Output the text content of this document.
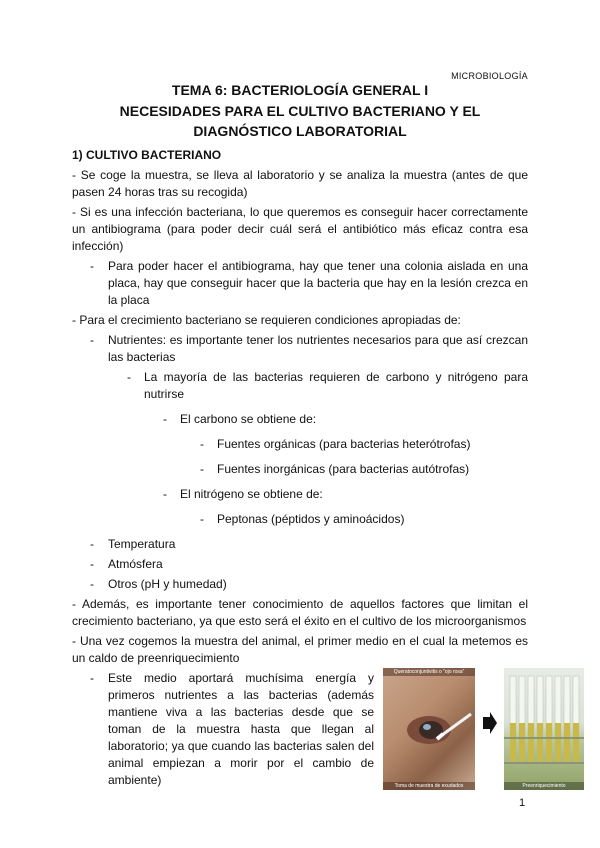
MICROBIOLOGÍA
TEMA 6: BACTERIOLOGÍA GENERAL I
NECESIDADES PARA EL CULTIVO BACTERIANO Y EL
DIAGNÓSTICO LABORATORIAL
1) CULTIVO BACTERIANO

- Se coge la muestra, se lleva al laboratorio y se analiza la muestra (antes de que pasen 24 horas tras su recogida)

- Si es una infección bacteriana, lo que queremos es conseguir hacer correctamente un antibiograma (para poder decir cuál será el antibiótico más eficaz contra esa infección)

- Para poder hacer el antibiograma, hay que tener una colonia aislada en una placa, hay que conseguir hacer que la bacteria que hay en la lesión crezca en la placa

- Para el crecimiento bacteriano se requieren condiciones apropiadas de:

- Nutrientes: es importante tener los nutrientes necesarios para que así crezcan las bacterias
- La mayoría de las bacterias requieren de carbono y nitrógeno para nutrirse
- El carbono se obtiene de:
- Fuentes orgánicas (para bacterias heterótrofas)
- Fuentes inorgánicas (para bacterias autótrofas)
- El nitrógeno se obtiene de:
- Peptonas (péptidos y aminoácidos)
- Temperatura
- Atmósfera
- Otros (pH y humedad)

- Además, es importante tener conocimiento de aquellos factores que limitan el crecimiento bacteriano, ya que esto será el éxito en el cultivo de los microorganismos

- Una vez cogemos la muestra del animal, el primer medio en el cual la metemos es un caldo de preenriquecimiento

- Este medio aportará muchísima energía y primeros nutrientes a las bacterias (además mantiene viva a las bacterias desde que se toman de la muestra hasta que llegan al laboratorio; ya que cuando las bacterias salen del animal empiezan a morir por el cambio de ambiente)
Queratoconjuntivitis o “ojo rosa”
Toma de muestra de exudados	Preenriquecimiento
1
